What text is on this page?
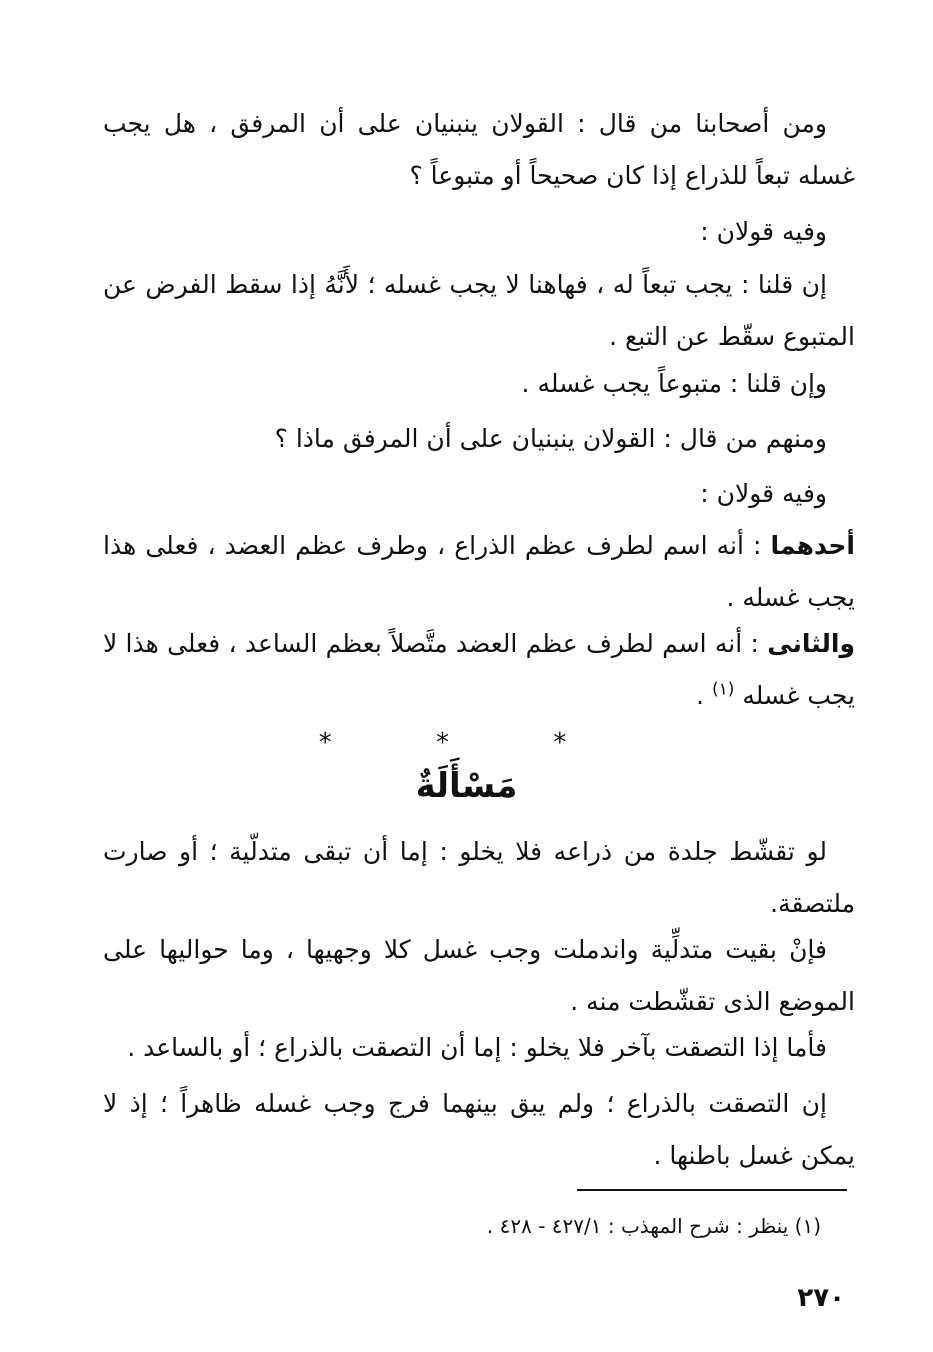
ومن أصحابنا من قال : القولان ينبنيان على أن المرفق ، هل يجب غسله تبعاً للذراع إذا كان صحيحاً أو متبوعاً ؟

وفيه قولان :

إن قلنا : يجب تبعاً له ، فهاهنا لا يجب غسله ؛ لأَنَّهُ إذا سقط الفرض عن المتبوع سقّط عن التبع .

وإن قلنا : متبوعاً يجب غسله .

ومنهم من قال : القولان ينبنيان على أن المرفق ماذا ؟

وفيه قولان :

أحدهما : أنه اسم لطرف عظم الذراع ، وطرف عظم العضد ، فعلى هذا يجب غسله .

والثانى : أنه اسم لطرف عظم العضد متَّصلاً بعظم الساعد ، فعلى هذا لا يجب غسله $^{(١)}$ .

* * *
مَسْأَلَةٌ

لو تقشّط جلدة من ذراعه فلا يخلو : إما أن تبقى متدلّية ؛ أو صارت ملتصقة.

فإنْ بقيت متدلِّية واندملت وجب غسل كلا وجهيها ، وما حواليها على الموضع الذى تقشّطت منه .

فأما إذا التصقت بآخر فلا يخلو : إما أن التصقت بالذراع ؛ أو بالساعد .

إن التصقت بالذراع ؛ ولم يبق بينهما فرج وجب غسله ظاهراً ؛ إذ لا يمكن غسل باطنها .

(١) ينظر : شرح المهذب : ٤٢٧/١ - ٤٢٨ .

٢٧٠
